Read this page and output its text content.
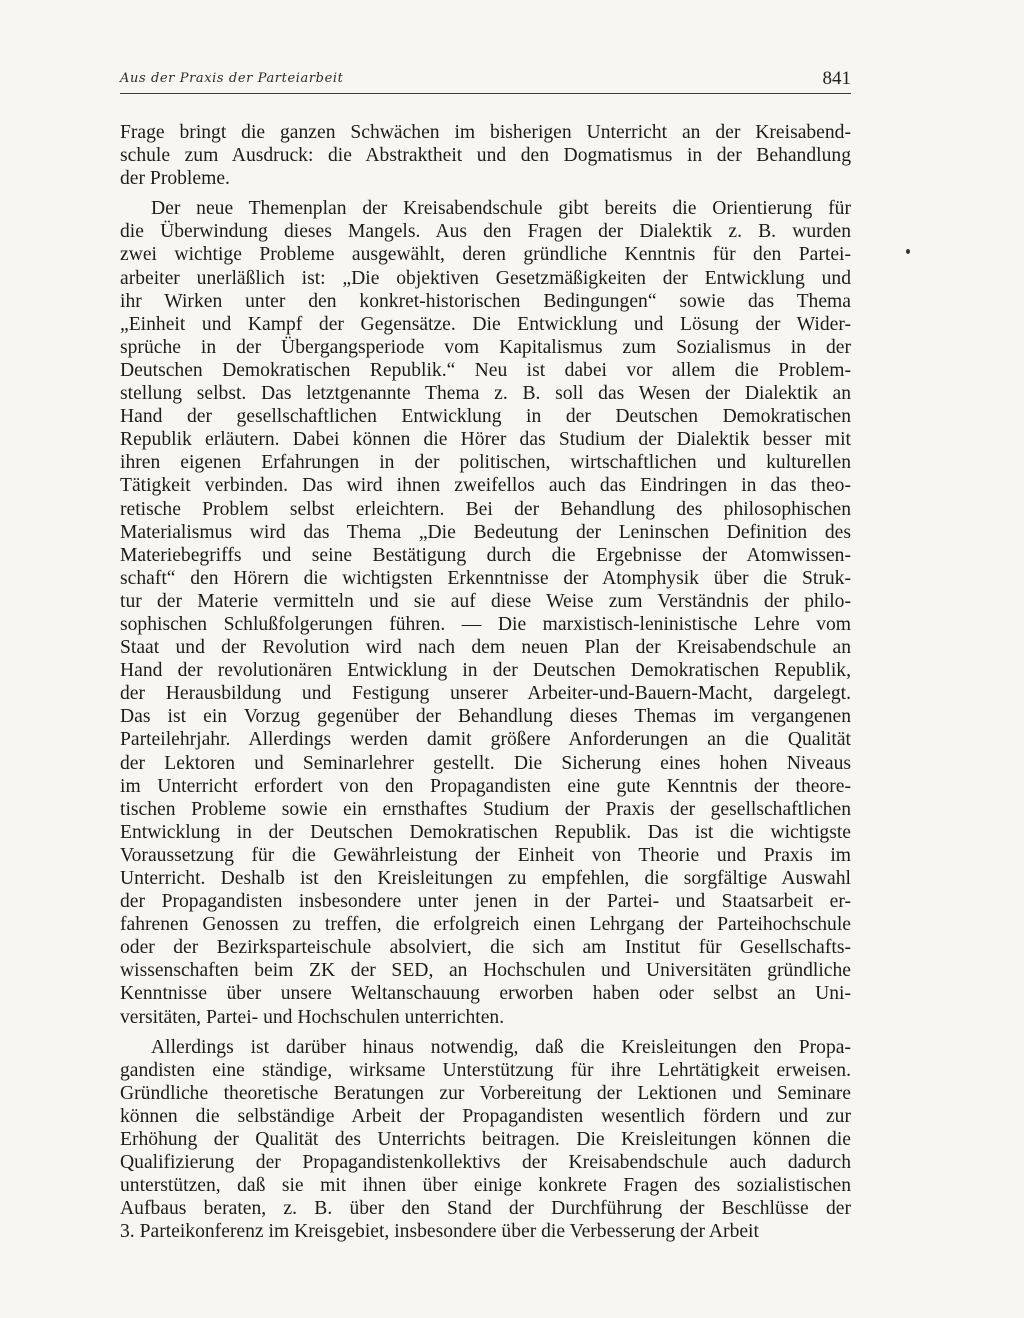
Aus der Praxis der Parteiarbeit	841
Frage bringt die ganzen Schwächen im bisherigen Unterricht an der Kreisabend-
schule zum Ausdruck: die Abstraktheit und den Dogmatismus in der Behandlung
der Probleme.
Der neue Themenplan der Kreisabendschule gibt bereits die Orientierung für
die Überwindung dieses Mangels. Aus den Fragen der Dialektik z. B. wurden
zwei wichtige Probleme ausgewählt, deren gründliche Kenntnis für den Partei-
arbeiter unerläßlich ist: „Die objektiven Gesetzmäßigkeiten der Entwicklung und
ihr Wirken unter den konkret-historischen Bedingungen“ sowie das Thema
„Einheit und Kampf der Gegensätze. Die Entwicklung und Lösung der Wider-
sprüche in der Übergangsperiode vom Kapitalismus zum Sozialismus in der
Deutschen Demokratischen Republik.“ Neu ist dabei vor allem die Problem-
stellung selbst. Das letztgenannte Thema z. B. soll das Wesen der Dialektik an
Hand der gesellschaftlichen Entwicklung in der Deutschen Demokratischen
Republik erläutern. Dabei können die Hörer das Studium der Dialektik besser mit
ihren eigenen Erfahrungen in der politischen, wirtschaftlichen und kulturellen
Tätigkeit verbinden. Das wird ihnen zweifellos auch das Eindringen in das theo-
retische Problem selbst erleichtern. Bei der Behandlung des philosophischen
Materialismus wird das Thema „Die Bedeutung der Leninschen Definition des
Materiebegriffs und seine Bestätigung durch die Ergebnisse der Atomwissen-
schaft“ den Hörern die wichtigsten Erkenntnisse der Atomphysik über die Struk-
tur der Materie vermitteln und sie auf diese Weise zum Verständnis der philo-
sophischen Schlußfolgerungen führen. — Die marxistisch-leninistische Lehre vom
Staat und der Revolution wird nach dem neuen Plan der Kreisabendschule an
Hand der revolutionären Entwicklung in der Deutschen Demokratischen Republik,
der Herausbildung und Festigung unserer Arbeiter-und-Bauern-Macht, dargelegt.
Das ist ein Vorzug gegenüber der Behandlung dieses Themas im vergangenen
Parteilehrjahr. Allerdings werden damit größere Anforderungen an die Qualität
der Lektoren und Seminarlehrer gestellt. Die Sicherung eines hohen Niveaus
im Unterricht erfordert von den Propagandisten eine gute Kenntnis der theore-
tischen Probleme sowie ein ernsthaftes Studium der Praxis der gesellschaftlichen
Entwicklung in der Deutschen Demokratischen Republik. Das ist die wichtigste
Voraussetzung für die Gewährleistung der Einheit von Theorie und Praxis im
Unterricht. Deshalb ist den Kreisleitungen zu empfehlen, die sorgfältige Auswahl
der Propagandisten insbesondere unter jenen in der Partei- und Staatsarbeit er-
fahrenen Genossen zu treffen, die erfolgreich einen Lehrgang der Parteihochschule
oder der Bezirksparteischule absolviert, die sich am Institut für Gesellschafts-
wissenschaften beim ZK der SED, an Hochschulen und Universitäten gründliche
Kenntnisse über unsere Weltanschauung erworben haben oder selbst an Uni-
versitäten, Partei- und Hochschulen unterrichten.
Allerdings ist darüber hinaus notwendig, daß die Kreisleitungen den Propa-
gandisten eine ständige, wirksame Unterstützung für ihre Lehrtätigkeit erweisen.
Gründliche theoretische Beratungen zur Vorbereitung der Lektionen und Seminare
können die selbständige Arbeit der Propagandisten wesentlich fördern und zur
Erhöhung der Qualität des Unterrichts beitragen. Die Kreisleitungen können die
Qualifizierung der Propagandistenkollektivs der Kreisabendschule auch dadurch
unterstützen, daß sie mit ihnen über einige konkrete Fragen des sozialistischen
Aufbaus beraten, z. B. über den Stand der Durchführung der Beschlüsse der
3. Parteikonferenz im Kreisgebiet, insbesondere über die Verbesserung der Arbeit
